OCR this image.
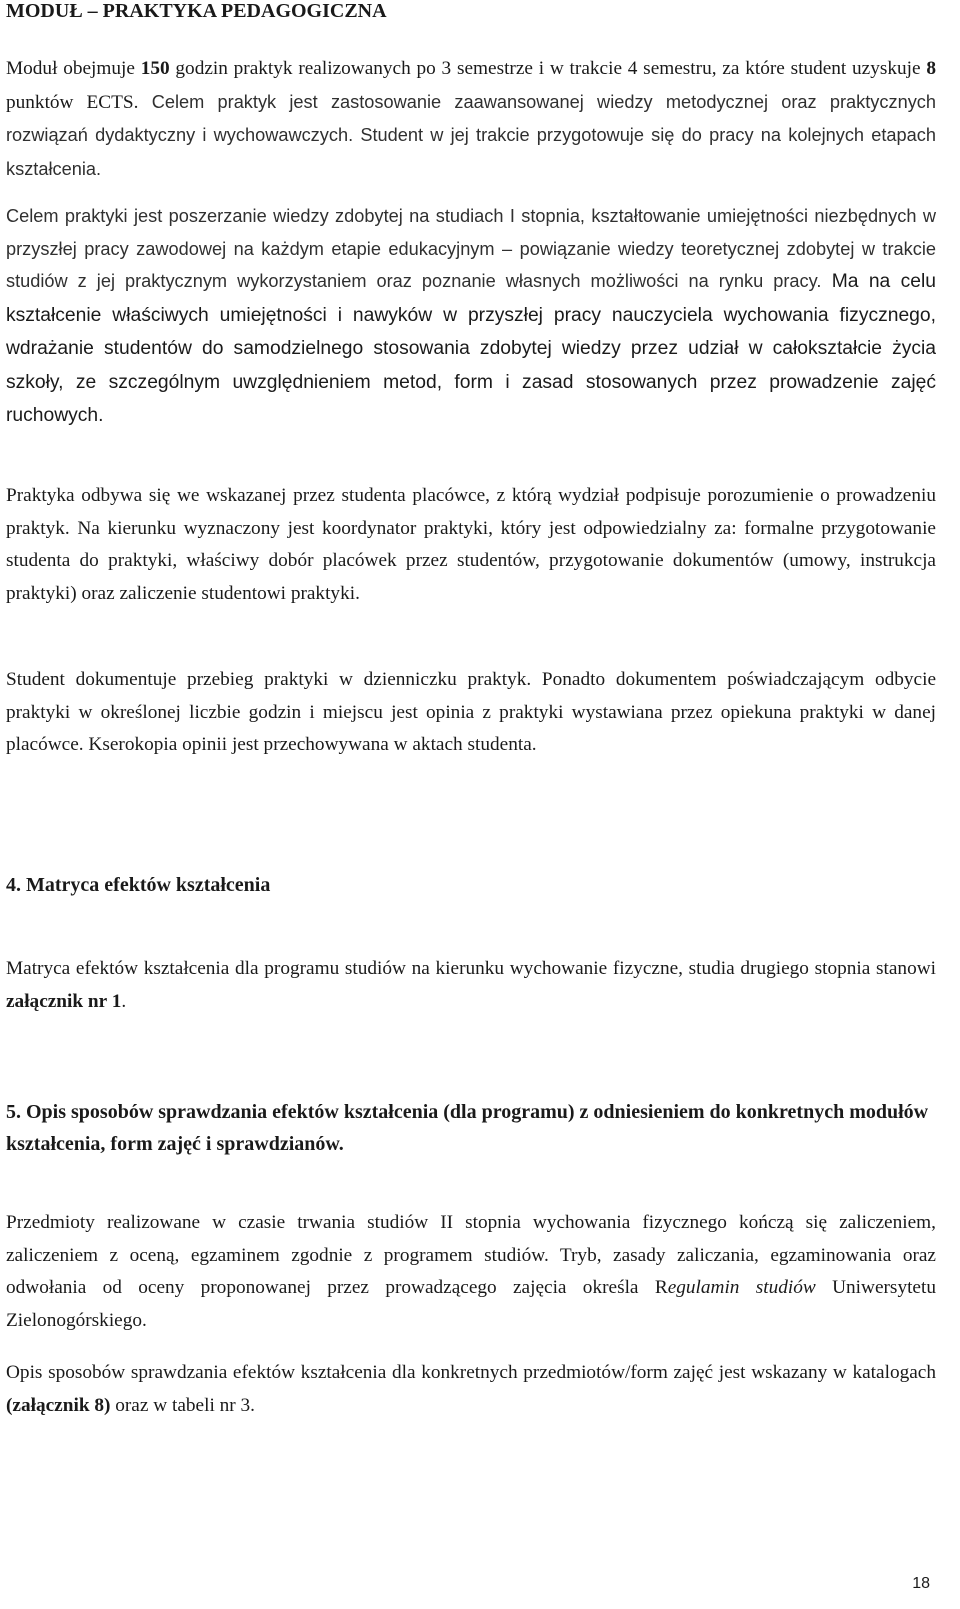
MODUŁ – PRAKTYKA PEDAGOGICZNA

Moduł obejmuje 150 godzin praktyk realizowanych po 3 semestrze i w trakcie 4 semestru, za które student uzyskuje 8 punktów ECTS. Celem praktyk jest zastosowanie zaawansowanej wiedzy metodycznej oraz praktycznych rozwiązań dydaktyczny i wychowawczych. Student w jej trakcie przygotowuje się do pracy na kolejnych etapach kształcenia.

Celem praktyki jest poszerzanie wiedzy zdobytej na studiach I stopnia, kształtowanie umiejętności niezbędnych w przyszłej pracy zawodowej na każdym etapie edukacyjnym – powiązanie wiedzy teoretycznej zdobytej w trakcie studiów z jej praktycznym wykorzystaniem oraz poznanie własnych możliwości na rynku pracy. Ma na celu kształcenie właściwych umiejętności i nawyków w przyszłej pracy nauczyciela wychowania fizycznego, wdrażanie studentów do samodzielnego stosowania zdobytej wiedzy przez udział w całokształcie życia szkoły, ze szczególnym uwzględnieniem metod, form i zasad stosowanych przez prowadzenie zajęć ruchowych.

Praktyka odbywa się we wskazanej przez studenta placówce, z którą wydział podpisuje porozumienie o prowadzeniu praktyk. Na kierunku wyznaczony jest koordynator praktyki, który jest odpowiedzialny za: formalne przygotowanie studenta do praktyki, właściwy dobór placówek przez studentów, przygotowanie dokumentów (umowy, instrukcja praktyki) oraz zaliczenie studentowi praktyki.

Student dokumentuje przebieg praktyki w dzienniczku praktyk. Ponadto dokumentem poświadczającym odbycie praktyki w określonej liczbie godzin i miejscu jest opinia z praktyki wystawiana przez opiekuna praktyki w danej placówce. Kserokopia opinii jest przechowywana w aktach studenta.

4. Matryca efektów kształcenia

Matryca efektów kształcenia dla programu studiów na kierunku wychowanie fizyczne, studia drugiego stopnia stanowi załącznik nr 1.

5. Opis sposobów sprawdzania efektów kształcenia (dla programu) z odniesieniem do konkretnych modułów kształcenia, form zajęć i sprawdzianów.

Przedmioty realizowane w czasie trwania studiów II stopnia wychowania fizycznego kończą się zaliczeniem, zaliczeniem z oceną, egzaminem zgodnie z programem studiów. Tryb, zasady zaliczania, egzaminowania oraz odwołania od oceny proponowanej przez prowadzącego zajęcia określa Regulamin studiów Uniwersytetu Zielonogórskiego.

Opis sposobów sprawdzania efektów kształcenia dla konkretnych przedmiotów/form zajęć jest wskazany w katalogach (załącznik 8) oraz w tabeli nr 3.

18
